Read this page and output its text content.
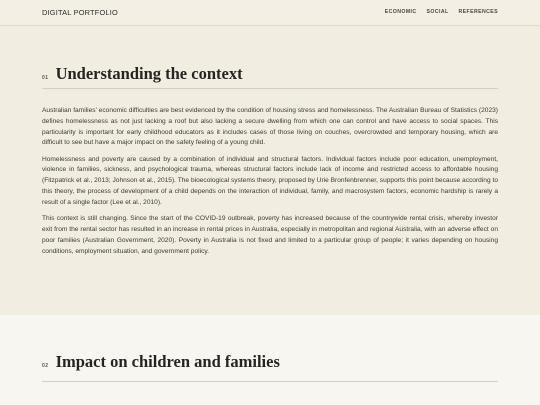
DIGITAL PORTFOLIO	ECONOMIC SOCIAL REFERENCES
01 Understanding the context

Australian families’ economic difficulties are best evidenced by the condition of housing stress and homelessness. The Australian Bureau of Statistics (2023) defines homelessness as not just lacking a roof but also lacking a secure dwelling from which one can control and have access to social spaces. This particularity is important for early childhood educators as it includes cases of those living on couches, overcrowded and temporary housing, which are difficult to see but have a major impact on the safety feeling of a young child.

Homelessness and poverty are caused by a combination of individual and structural factors. Individual factors include poor education, unemployment, violence in families, sickness, and psychological trauma, whereas structural factors include lack of income and restricted access to affordable housing (Fitzpatrick et al., 2013; Johnson et al., 2015). The bioecological systems theory, proposed by Urie Bronfenbrenner, supports this point because according to this theory, the process of development of a child depends on the interaction of individual, family, and macrosystem factors, economic hardship is rarely a result of a single factor (Lee et al., 2010).

This context is still changing. Since the start of the COVID-19 outbreak, poverty has increased because of the countrywide rental crisis, whereby investor exit from the rental sector has resulted in an increase in rental prices in Australia, especially in metropolitan and regional Australia, with an adverse effect on poor families (Australian Government, 2020). Poverty in Australia is not fixed and limited to a particular group of people; it varies depending on housing conditions, employment situation, and government policy.

02 Impact on children and families
